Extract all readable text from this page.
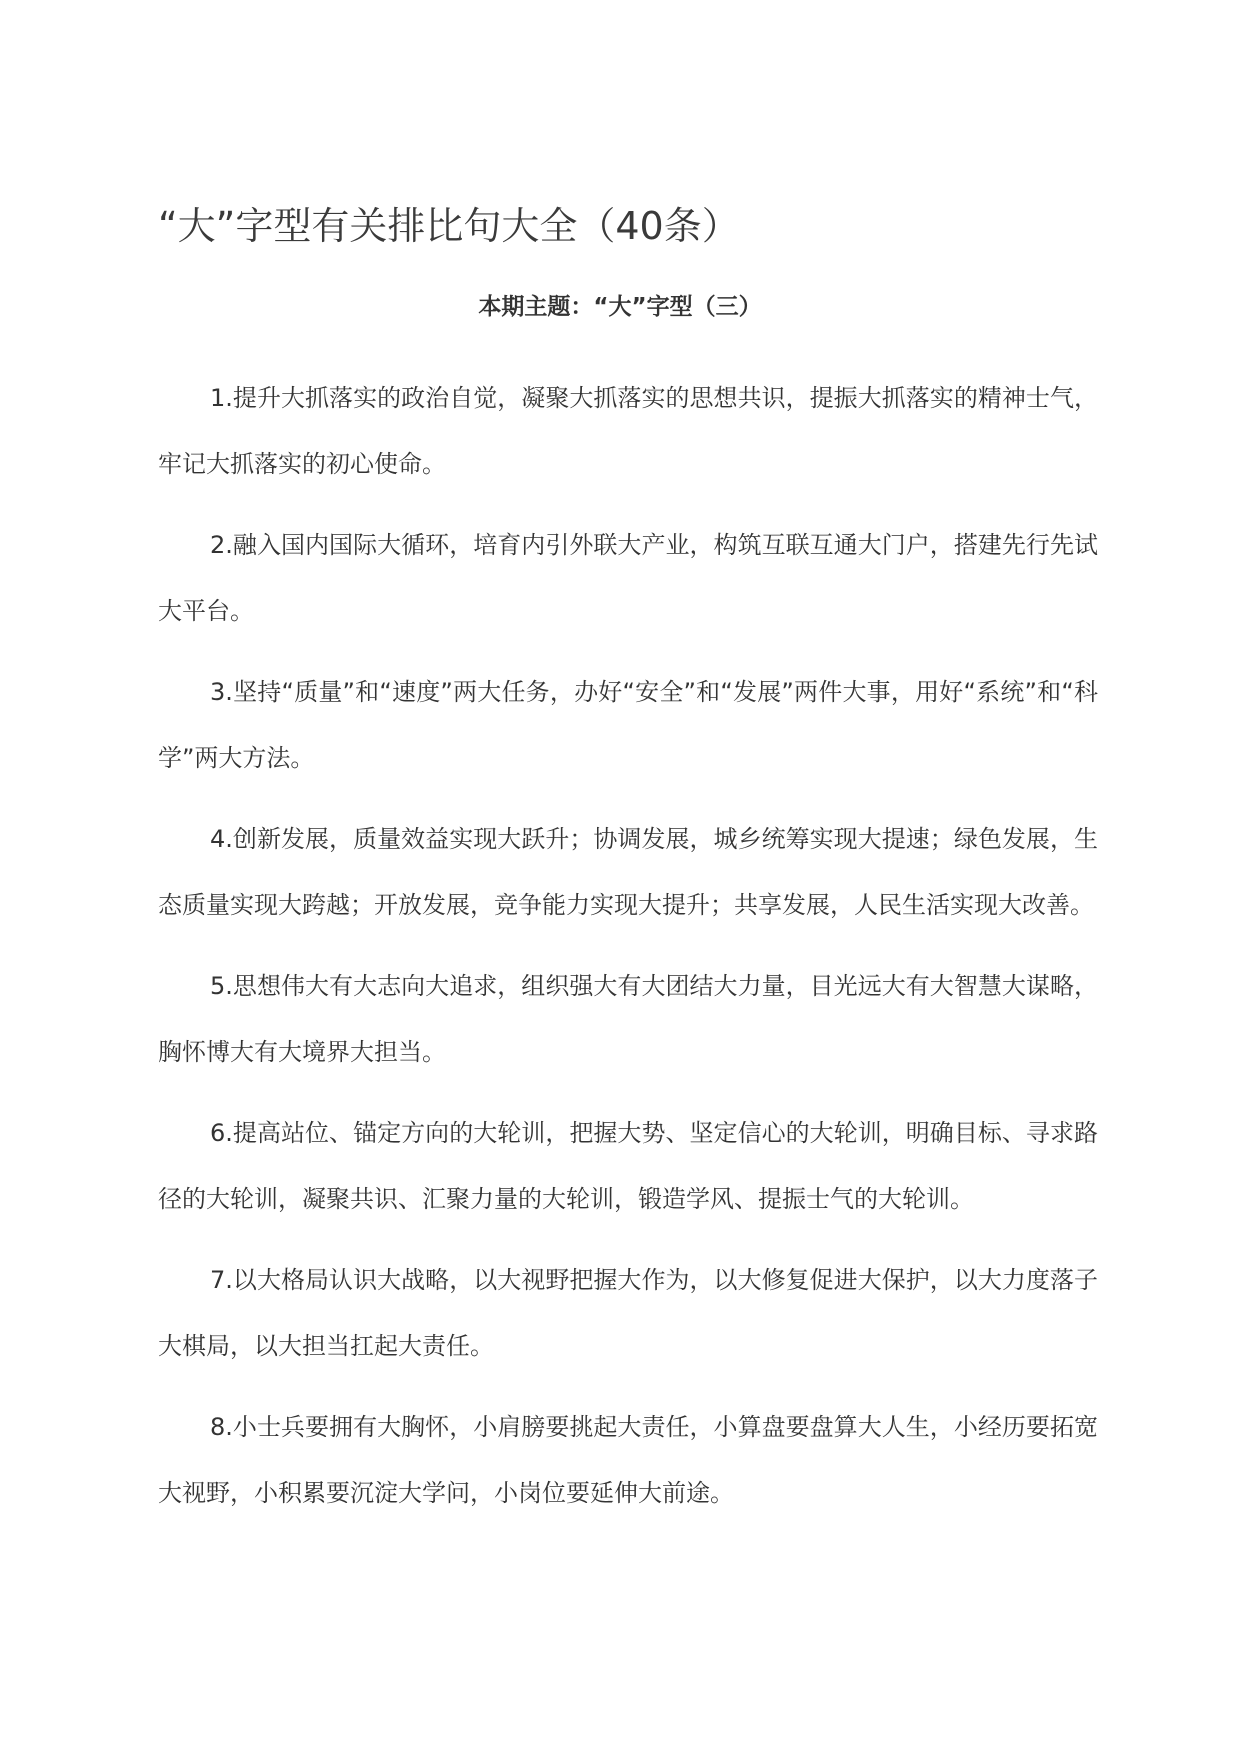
“大”字型有关排比句大全（40条）
本期主题：“大”字型（三）

1.提升大抓落实的政治自觉，凝聚大抓落实的思想共识，提振大抓落实的精神士气，牢记大抓落实的初心使命。

2.融入国内国际大循环，培育内引外联大产业，构筑互联互通大门户，搭建先行先试大平台。

3.坚持“质量”和“速度”两大任务，办好“安全”和“发展”两件大事，用好“系统”和“科学”两大方法。

4.创新发展，质量效益实现大跃升；协调发展，城乡统筹实现大提速；绿色发展，生态质量实现大跨越；开放发展，竞争能力实现大提升；共享发展，人民生活实现大改善。

5.思想伟大有大志向大追求，组织强大有大团结大力量，目光远大有大智慧大谋略，胸怀博大有大境界大担当。

6.提高站位、锚定方向的大轮训，把握大势、坚定信心的大轮训，明确目标、寻求路径的大轮训，凝聚共识、汇聚力量的大轮训，锻造学风、提振士气的大轮训。

7.以大格局认识大战略，以大视野把握大作为，以大修复促进大保护，以大力度落子大棋局，以大担当扛起大责任。

8.小士兵要拥有大胸怀，小肩膀要挑起大责任，小算盘要盘算大人生，小经历要拓宽大视野，小积累要沉淀大学问，小岗位要延伸大前途。
